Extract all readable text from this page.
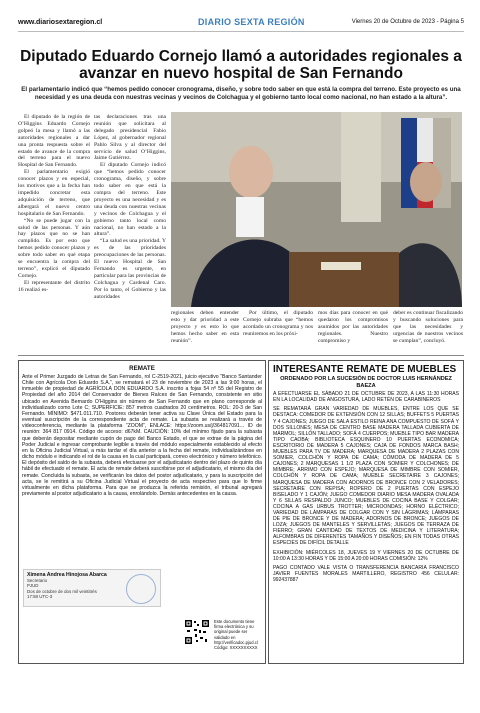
www.diariosextaregion.cl	DIARIO SEXTA REGIÓN	Viernes 20 de Octubre de 2023 - Página 5
Diputado Eduardo Cornejo llamó a autoridades regionales a avanzar en nuevo hospital de San Fernando
El parlamentario indicó que “hemos pedido conocer cronograma, diseño, y sobre todo saber en que está la compra del terreno. Este proyecto es una necesidad y es una deuda con nuestras vecinas y vecinos de Colchagua y el gobierno tanto local como nacional, no han estado a la altura”.

El diputado de la región de O’Higgins Eduardo Cornejo golpeó la mesa y llamó a las autoridades regionales a dar una pronta respuesta sobre el estado de avance de la compra del terreno para el nuevo Hospital de San Fernando.

El parlamentario exigió conocer plazos y en especial, los motivos que a la fecha han impedido concretar esta adquisición de terreno, que albergará el nuevo centro hospitalario de San Fernando.

“No se puede jugar con la salud de las personas. Y aún hay plazos que no se han cumplido. Es por esto que hemos pedido conocer plazos y sobre todo saber en qué etapa se encuentra la compra del terreno”, explicó el diputado Cornejo.

El representante del distrito 16 realizó es-

tas declaraciones tras una reunión que solicitara al delegado presidencial Fabio López, al gobernador regional Pablo Silva y al director del servicio de salud O’Higgins, Jaime Gutiérrez.

El diputado Cornejo indicó que “hemos pedido conocer cronograma, diseño, y sobre todo saber en que está la compra del terreno. Este proyecto es una necesidad y es una deuda con nuestras vecinas y vecinos de Colchagua y el gobierno tanto local como nacional, no han estado a la altura”.

“La salud es una prioridad. Y es de las prioridades preocupaciones de las personas. El nuevo Hospital de San Fernando es urgente, en particular para las provincias de Colchagua y Cardenal Caro. Por lo tanto, el Gobierno y las autoridades

regionales deben entender esto y dar prioridad a este proyecto y es esto lo que hemos hecho saber en esta reunión”.

Por último, el diputado Cornejo subraba que “hemos acordado un cronograma y nos reuniremos en los próxi-

mos días para conocer en qué quedaron los compromisos asumidos por las autoridades regionales. Nuestro compromiso y

deber es continuar fiscalizando y buscando soluciones para que las necesidades y urgencias de nuestros vecinos se cumplan”, concluyó.

REMATE
Ante el Primer Juzgado de Letras de San Fernando, rol C-2519-2021, juicio ejecutivo “Banco Santander Chile con Agrícola Don Eduardo S.A.”, se rematará el 23 de noviembre de 2023 a las 9:00 horas, el inmueble de propiedad de AGRÍCOLA DON EDUARDO S.A. inscrito a fojas 54 nº 55 del Registro de Propiedad del año 2014 del Conservador de Bienes Raíces de San Fernando, consistente en sitio ubicado en Avenida Bernardo O’Higgins sin número de San Fernando que en plano corresponde al individualizado como Lote C; SUPERFICIE: 857 metros cuadrados 20 centímetros. ROL: 20-3 de San Fernando. MÍNIMO: $471.011.710. Postores deberán tener activa su Clave Única del Estado para la eventual suscripción de la correspondiente acta de remate. La subasta se realizará a través de videoconferencia, mediante la plataforma “ZOOM”, ENLACE: https://zoom.us/j/364817091... ID de reunión: 364 817 0914. Código de acceso: d67kM. CAUCIÓN: 10% del mínimo fijado para la subasta que deberán depositar mediante cupón de pago del Banco Estado, el que se extrae de la página del Poder Judicial e ingresar comprobante legible a través del módulo especialmente establecido al efecto en la Oficina Judicial Virtual, a más tardar el día anterior a la fecha del remate, individualizándose en dicho módulo e indicando el rol de la causa en la cual participará, correo electrónico y número telefónico. El depósito del saldo de la subasta, deberá efectuarse por el adjudicatario dentro del plazo de quinto día hábil de efectuado el remate. El acta de remate deberá suscribirse por el adjudicatario, el mismo día del remate. Concluida la subasta, se verificarán los datos del postor adjudicatario, y para la suscripción del acta, se le remitirá a su Oficina Judicial Virtual el proyecto de acta respectivo para que lo firme virtualmente en dicha plataforma. Para que se produzca la referida remisión, el tribunal agregará previamente al postor adjudicatario a la causa, enrolándolo. Demás antecedentes en la causa.
Ximena Andrea Hinojosa Abarca
Secretario
PJUD
Dos de octubre de dos mil veintitrés
17:58 UTC-3
Este documento tiene firma electrónica y su original puede ser validado en http://verificadoc.pjud.cl Código: XXXXXXXXXX
INTERESANTE REMATE DE MUEBLES
ORDENADO POR LA SUCESIÓN DE DOCTOR LUIS HERNÁNDEZ BAEZA

A EFECTUARSE EL SÁBADO 21 DE OCTUBRE DE 2023, A LAS 11:30 HORAS EN LA LOCALIDAD DE ANGOSTURA, LADO RETÉN DE CARABINEROS

SE REMATARÁ GRAN VARIEDAD DE MUEBLES, ENTRE LOS QUE SE DESTACA: COMEDOR DE EXTENSIÓN CON 12 SILLAS; BUFFETS 5 PUERTAS Y 4 CAJONES; JUEGO DE SALA ESTILO REINA ANA COMPUESTO DE SOFÁ Y DOS SILLONES; MESA DE CENTRO BASE MADERA TALLADA CUBIERTA DE MÁRMOL; SILLÓN TALLADO; SOFÁ 4 CUERPOS; MUEBLE TIPO BAR MADERA TIPO CAOBA; BIBLIOTECA ESQUINERO 10 PUERTAS ECONOMICA; ESCRITORIO DE MADERA 5 CAJONES; CAJA DE FONDOS MARCA BASH; MUEBLES PARA TV DE MADERA; MARQUESA DE MADERA 2 PLAZAS CON SOMIER, COLCHÓN Y ROPA DE CAMA; CÓMODA DE MADERA DE 5 CAJONES; 2 MARQUESAS 1 1/2 PLAZA CON SOMIER Y COLCHONES; DE MIMBRE; ARRIMO CON ESPEJO; MARQUESA DE MIMBRE CON SOMIER, COLCHÓN Y ROPA DE CAMA; MUEBLE SECRETAIRE 3 CAJONES; MARQUESA DE MADERA CON ADORNOS DE BRONCE CON 2 VELADORES; SECRETAIRE CON REPISA; ROPERO DE 2 PUERTAS CON ESPEJO BISELADO Y 1 CAJÓN; JUEGO COMEDOR DIARIO MESA MADERA OVALADA Y 6 SILLAS RESPALDO JUNCO; MUEBLES DE COCINA BASE Y COLGAR; COCINA A GAS URBUS TROTTER; MICROONDAS; HORNO ELÉCTRICO; VARIEDAD DE LÁMPARAS DE COLGAR CON Y SIN LÁGRIMAS; LÁMPARAS DE PIE DE BRONCE Y DE MADERA; ADORNOS DE BRONCE; JUEGOS DE LOZA; JUEGOS DE MANTELES Y SERVILLETAS; JUEGOS DE TERRAZA DE FIERRO; GRAN CANTIDAD DE TEXTOS DE MEDICINA Y LITERATURA; ALFOMBRAS DE DIFERENTES TAMAÑOS Y DISEÑOS; EN FIN TODAS OTRAS ESPECIES DE DIFÍCIL DETALLE

EXHIBICIÓN: MIÉRCOLES 18, JUEVES 19 Y VIERNES 20 DE OCTUBRE DE 10:00 A 13:30 HORAS Y DE 15:00 A 20:00 HORAS COMISIÓN: 12%

PAGO CONTADO VALE VISTA O TRANSFERENCIA BANCARIA FRANCISCO JAVIER FUENTES MORALES MARTILLERO, REGISTRO 456 CELULAR: 992437887
